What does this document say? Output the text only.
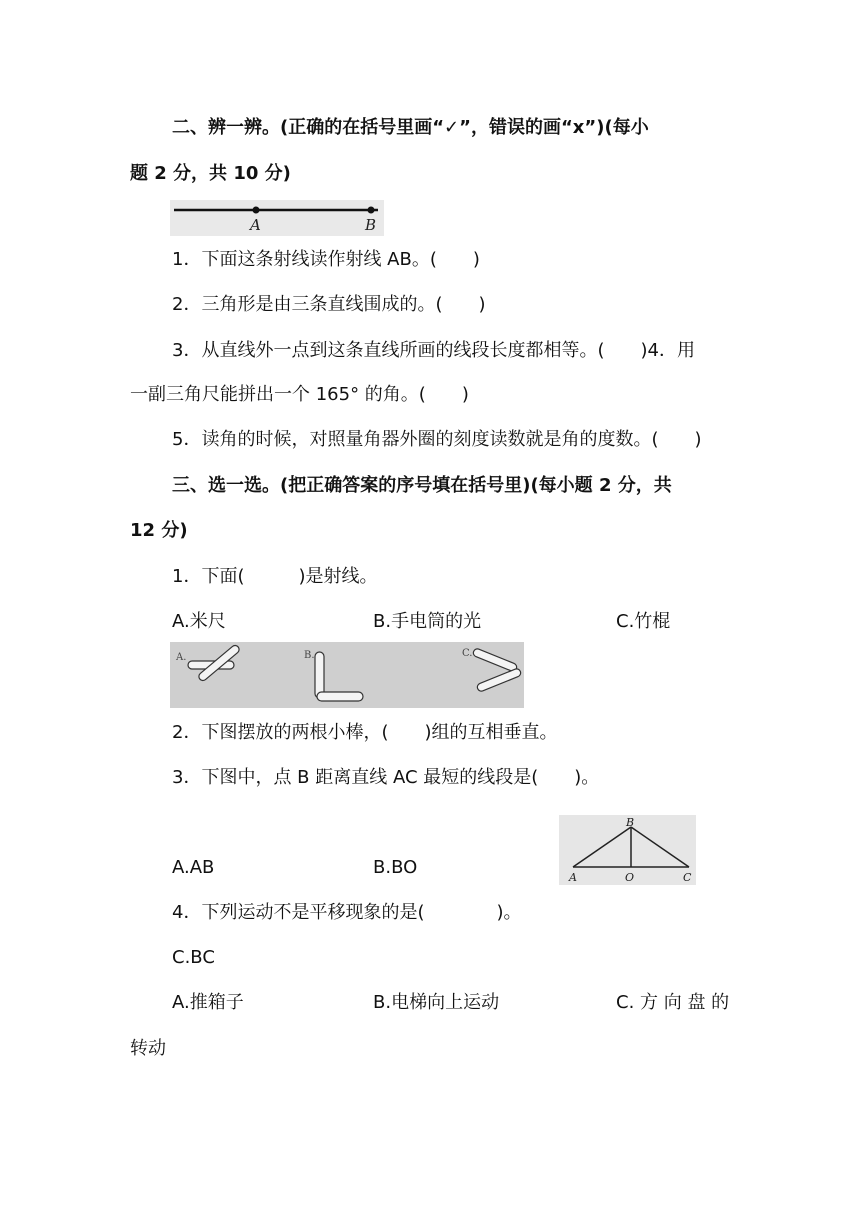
二、辨一辨。(正确的在括号里画“✓”，错误的画“x”)(每小
题 2 分，共 10 分)
A	B
1．下面这条射线读作射线 AB。(　　)
2．三角形是由三条直线围成的。(　　)
3．从直线外一点到这条直线所画的线段长度都相等。(　　)4．用
一副三角尺能拼出一个 165° 的角。(　　)
5．读角的时候，对照量角器外圈的刻度读数就是角的度数。(　　)
三、选一选。(把正确答案的序号填在括号里)(每小题 2 分，共
12 分)
1．下面(　　　)是射线。
A.米尺	B.手电筒的光	C.竹棍
A.	B.	C.
2．下图摆放的两根小棒，(　　)组的互相垂直。
3．下图中，点 B 距离直线 AC 最短的线段是(　　)。
A.AB	B.BO
B
A	O	C
4．下列运动不是平移现象的是(　　　　)。
C.BC
A.推箱子	B.电梯向上运动	C. 方 向 盘 的
转动
